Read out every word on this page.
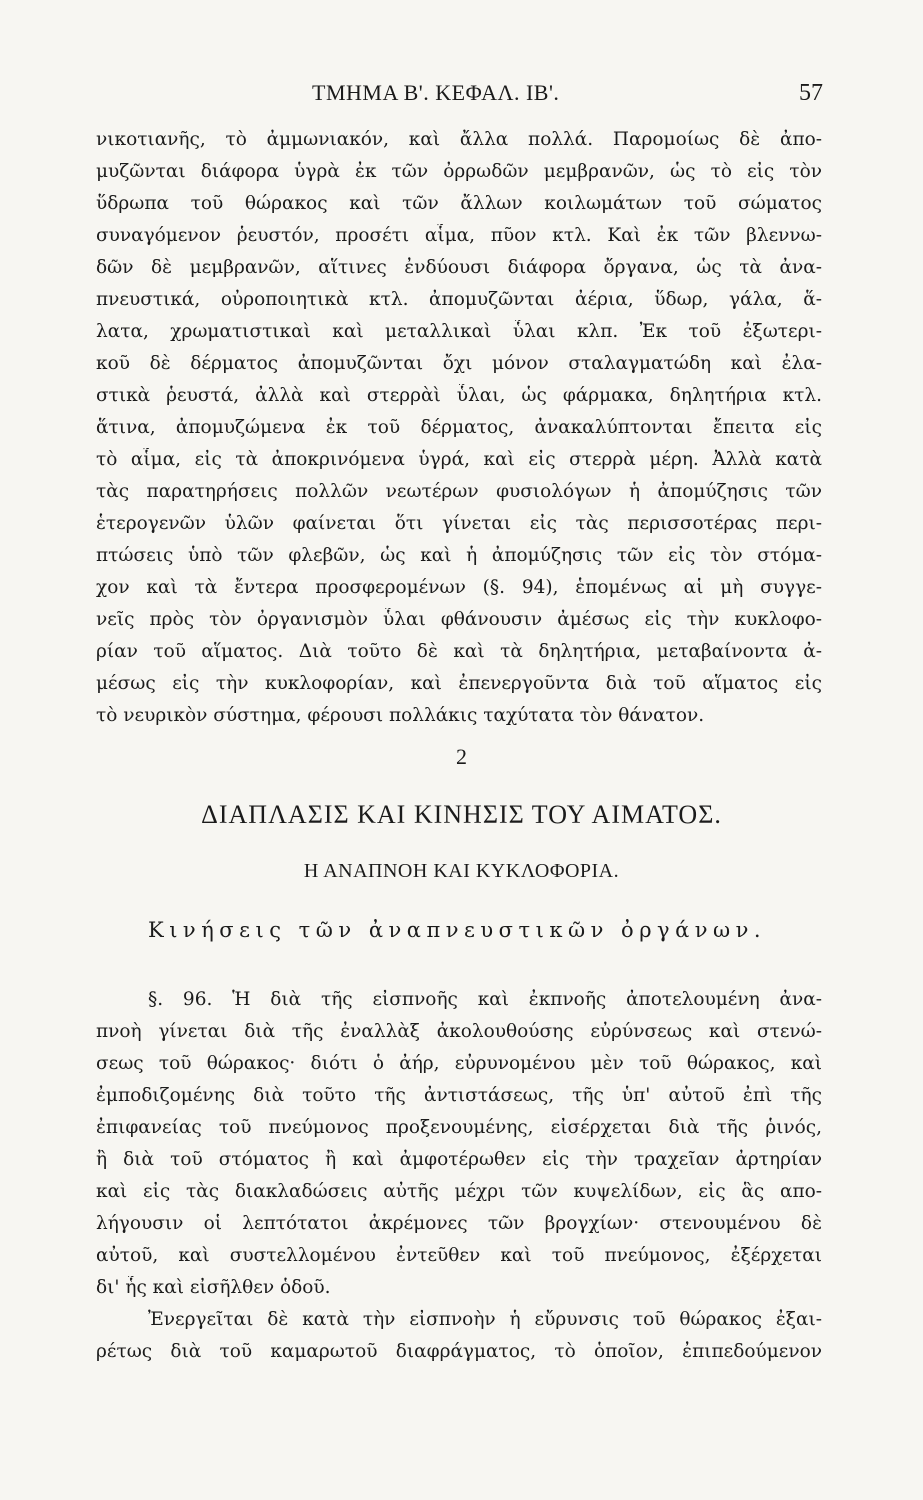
ΤΜΗΜΑ Β'. ΚΕΦΑΛ. ΙΒ'.	57
νικοτιανῆς, τὸ ἀμμωνιακόν, καὶ ἄλλα πολλά. Παρομοίως δὲ ἀπο-
μυζῶνται διάφορα ὑγρὰ ἐκ τῶν ὀρρωδῶν μεμβρανῶν, ὡς τὸ εἰς τὸν
ὕδρωπα τοῦ θώρακος καὶ τῶν ἄλλων κοιλωμάτων τοῦ σώματος
συναγόμενον ῥευστόν, προσέτι αἷμα, πῦον κτλ. Καὶ ἐκ τῶν βλεννω-
δῶν δὲ μεμβρανῶν, αἵτινες ἐνδύουσι διάφορα ὄργανα, ὡς τὰ ἀνα-
πνευστικά, οὐροποιητικὰ κτλ. ἀπομυζῶνται ἀέρια, ὕδωρ, γάλα, ἅ-
λατα, χρωματιστικαὶ καὶ μεταλλικαὶ ὗλαι κλπ. Ἐκ τοῦ ἐξωτερι-
κοῦ δὲ δέρματος ἀπομυζῶνται ὄχι μόνον σταλαγματώδη καὶ ἐλα-
στικὰ ῥευστά, ἀλλὰ καὶ στερρὰὶ ὗλαι, ὡς φάρμακα, δηλητήρια κτλ.
ἅτινα, ἀπομυζώμενα ἐκ τοῦ δέρματος, ἀνακαλύπτονται ἔπειτα εἰς
τὸ αἷμα, εἰς τὰ ἀποκρινόμενα ὑγρά, καὶ εἰς στερρὰ μέρη. Ἀλλὰ κατὰ
τὰς παρατηρήσεις πολλῶν νεωτέρων φυσιολόγων ἡ ἀπομύζησις τῶν
ἑτερογενῶν ὑλῶν φαίνεται ὅτι γίνεται εἰς τὰς περισσοτέρας περι-
πτώσεις ὑπὸ τῶν φλεβῶν, ὡς καὶ ἡ ἀπομύζησις τῶν εἰς τὸν στόμα-
χον καὶ τὰ ἔντερα προσφερομένων (§. 94), ἑπομένως αἱ μὴ συγγε-
νεῖς πρὸς τὸν ὀργανισμὸν ὗλαι φθάνουσιν ἀμέσως εἰς τὴν κυκλοφο-
ρίαν τοῦ αἵματος. Διὰ τοῦτο δὲ καὶ τὰ δηλητήρια, μεταβαίνοντα ἀ-
μέσως εἰς τὴν κυκλοφορίαν, καὶ ἐπενεργοῦντα διὰ τοῦ αἵματος εἰς
τὸ νευρικὸν σύστημα, φέρουσι πολλάκις ταχύτατα τὸν θάνατον.
2
ΔΙΑΠΛΑΣΙΣ ΚΑΙ ΚΙΝΗΣΙΣ ΤΟΥ ΑΙΜΑΤΟΣ.
Η ΑΝΑΠΝΟΗ ΚΑΙ ΚΥΚΛΟΦΟΡΙΑ.
Κινήσεις τῶν ἀναπνευστικῶν ὀργάνων.
§. 96. Ἡ διὰ τῆς εἰσπνοῆς καὶ ἐκπνοῆς ἀποτελουμένη ἀνα-
πνοὴ γίνεται διὰ τῆς ἐναλλὰξ ἀκολουθούσης εὐρύνσεως καὶ στενώ-
σεως τοῦ θώρακος· διότι ὁ ἀήρ, εὐρυνομένου μὲν τοῦ θώρακος, καὶ
ἐμποδιζομένης διὰ τοῦτο τῆς ἀντιστάσεως, τῆς ὑπ' αὐτοῦ ἐπὶ τῆς
ἐπιφανείας τοῦ πνεύμονος προξενουμένης, εἰσέρχεται διὰ τῆς ῥινός,
ἢ διὰ τοῦ στόματος ἢ καὶ ἀμφοτέρωθεν εἰς τὴν τραχεῖαν ἀρτηρίαν
καὶ εἰς τὰς διακλαδώσεις αὐτῆς μέχρι τῶν κυψελίδων, εἰς ἃς απο-
λήγουσιν οἱ λεπτότατοι ἀκρέμονες τῶν βρογχίων· στενουμένου δὲ
αὐτοῦ, καὶ συστελλομένου ἐντεῦθεν καὶ τοῦ πνεύμονος, ἐξέρχεται
δι' ἧς καὶ εἰσῆλθεν ὁδοῦ.
Ἐνεργεῖται δὲ κατὰ τὴν εἰσπνοὴν ἡ εὔρυνσις τοῦ θώρακος ἐξαι-
ρέτως διὰ τοῦ καμαρωτοῦ διαφράγματος, τὸ ὁποῖον, ἐπιπεδούμενον
